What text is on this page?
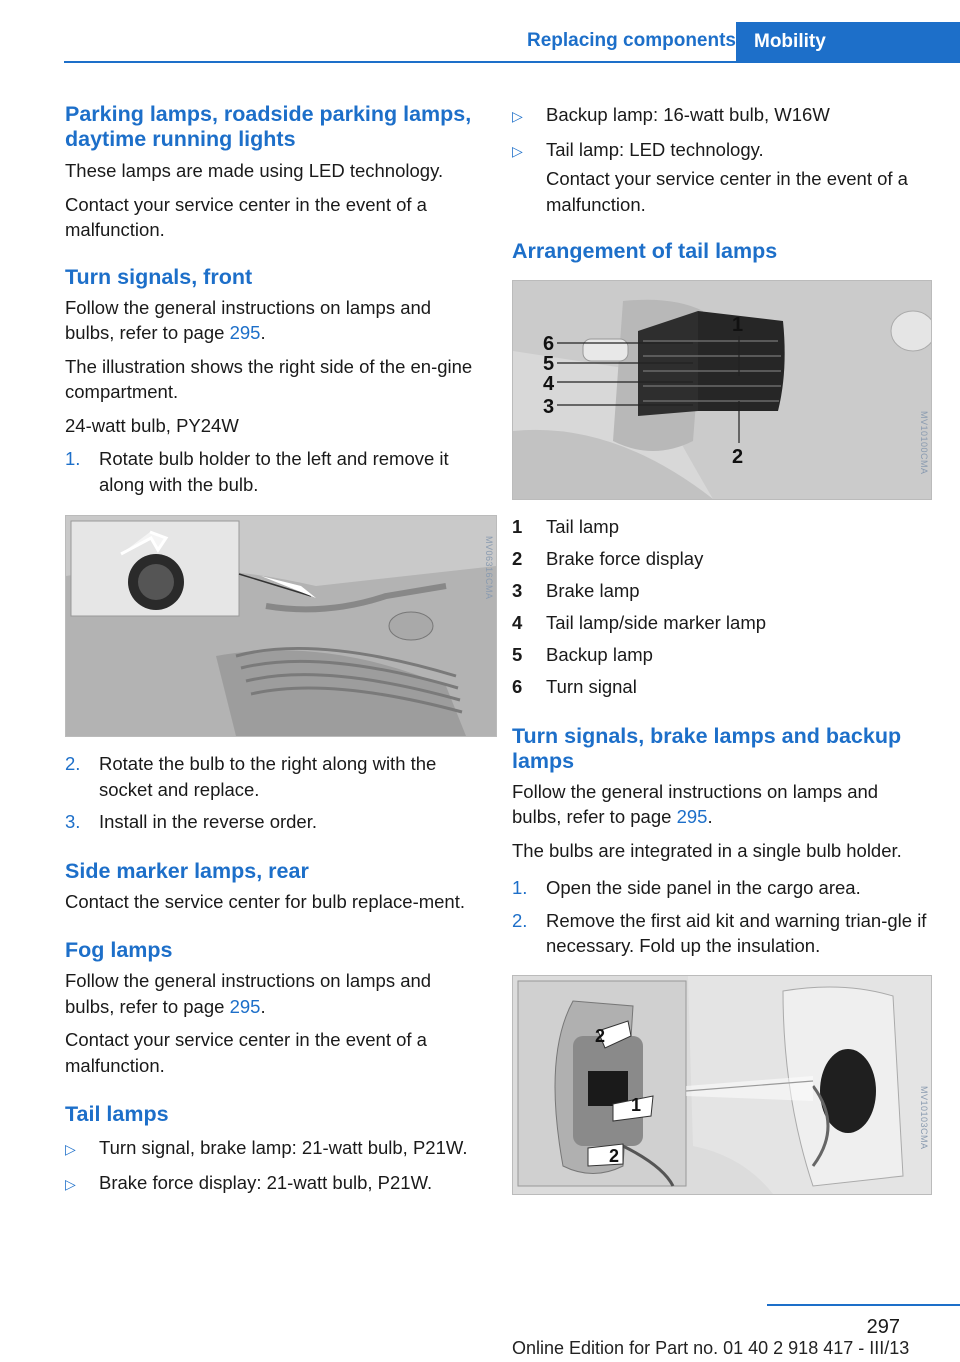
Replacing components Mobility
Parking lamps, roadside parking lamps, daytime running lights

These lamps are made using LED technology.

Contact your service center in the event of a malfunction.

Turn signals, front

Follow the general instructions on lamps and bulbs, refer to page 295.

The illustration shows the right side of the en‐gine compartment.

24-watt bulb, PY24W

1.	Rotate bulb holder to the left and remove it along with the bulb.
MV06316CMA
2.	Rotate the bulb to the right along with the socket and replace.
3.	Install in the reverse order.
Side marker lamps, rear

Contact the service center for bulb replace‐ment.

Fog lamps

Follow the general instructions on lamps and bulbs, refer to page 295.

Contact your service center in the event of a malfunction.

Tail lamps
▷	Turn signal, brake lamp: 21-watt bulb, P21W.
▷	Brake force display: 21-watt bulb, P21W.
▷	Backup lamp: 16-watt bulb, W16W
▷	Tail lamp: LED technology.

Contact your service center in the event of a malfunction.

Arrangement of tail lamps
1
2
3
4
5
6
MV10100CMA
1	Tail lamp
2	Brake force display
3	Brake lamp
4	Tail lamp/side marker lamp
5	Backup lamp
6	Turn signal
Turn signals, brake lamps and backup lamps

Follow the general instructions on lamps and bulbs, refer to page 295.

The bulbs are integrated in a single bulb holder.

1.	Open the side panel in the cargo area.
2.	Remove the first aid kit and warning trian‐gle if necessary. Fold up the insulation.
2
1
2
MV10103CMA
297
Online Edition for Part no. 01 40 2 918 417 - III/13
